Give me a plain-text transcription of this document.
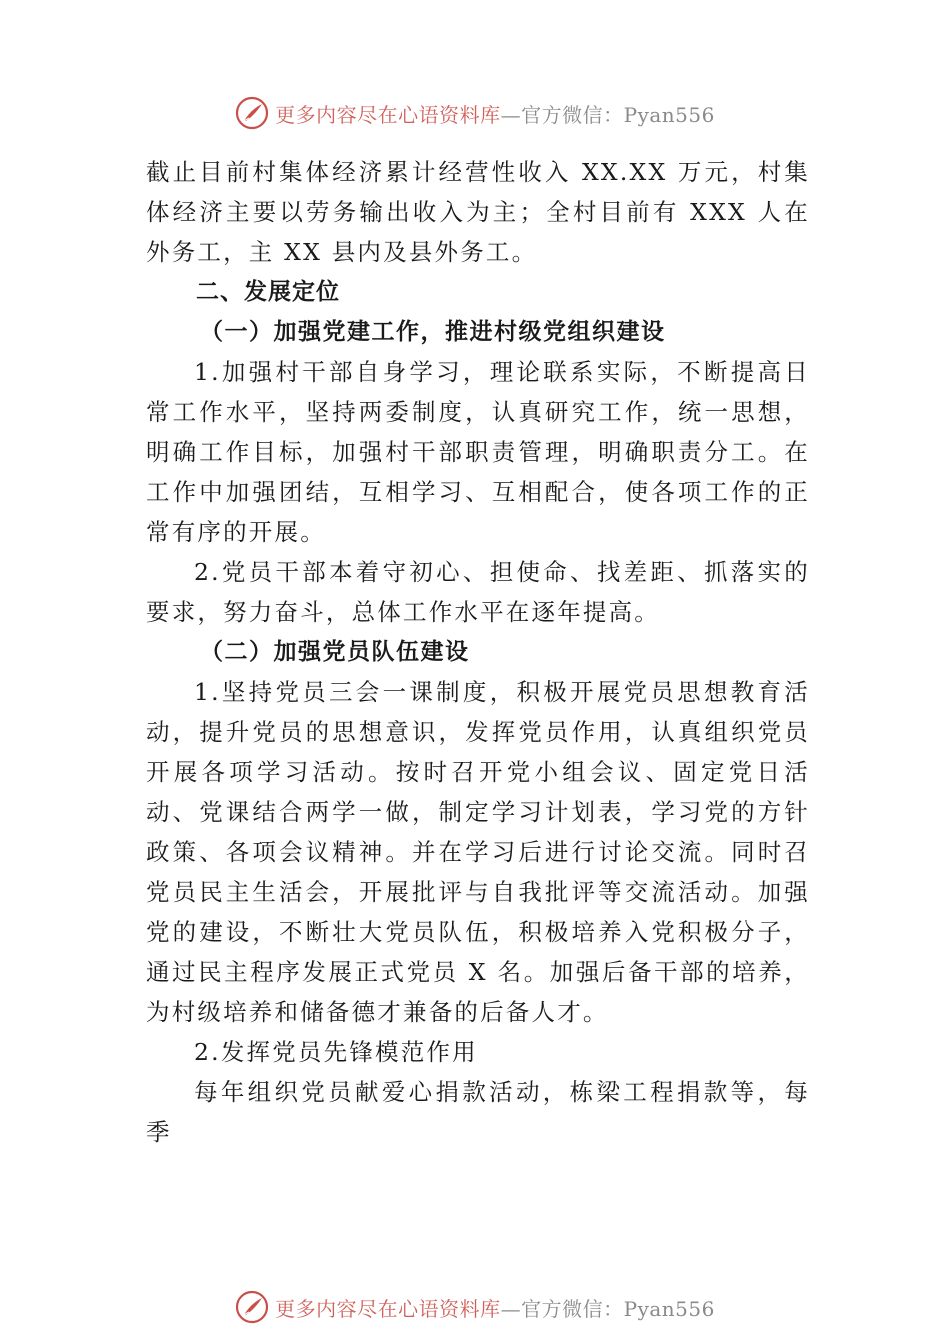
更多内容尽在心语资料库—官方微信：Pyan556

截止目前村集体经济累计经营性收入 XX.XX 万元，村集体经济主要以劳务输出收入为主；全村目前有 XXX 人在外务工，主 XX 县内及县外务工。

二、发展定位

（一）加强党建工作，推进村级党组织建设

1.加强村干部自身学习，理论联系实际，不断提高日常工作水平，坚持两委制度，认真研究工作，统一思想，明确工作目标，加强村干部职责管理，明确职责分工。在工作中加强团结，互相学习、互相配合，使各项工作的正常有序的开展。

2.党员干部本着守初心、担使命、找差距、抓落实的要求，努力奋斗，总体工作水平在逐年提高。

（二）加强党员队伍建设

1.坚持党员三会一课制度，积极开展党员思想教育活动，提升党员的思想意识，发挥党员作用，认真组织党员开展各项学习活动。按时召开党小组会议、固定党日活动、党课结合两学一做，制定学习计划表，学习党的方针政策、各项会议精神。并在学习后进行讨论交流。同时召党员民主生活会，开展批评与自我批评等交流活动。加强党的建设，不断壮大党员队伍，积极培养入党积极分子，通过民主程序发展正式党员 X 名。加强后备干部的培养，为村级培养和储备德才兼备的后备人才。

2.发挥党员先锋模范作用

每年组织党员献爱心捐款活动，栋梁工程捐款等，每季

更多内容尽在心语资料库—官方微信：Pyan556
